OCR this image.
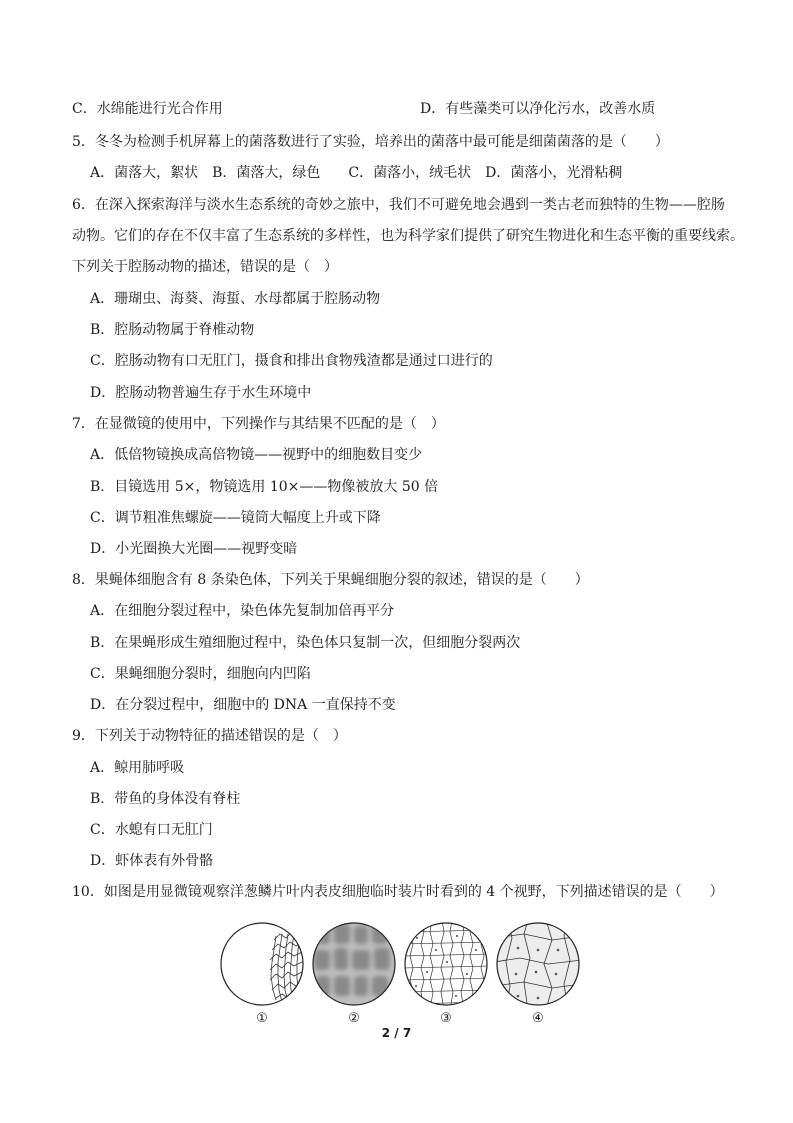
C．水绵能进行光合作用	D．有些藻类可以净化污水，改善水质
5．冬冬为检测手机屏幕上的菌落数进行了实验，培养出的菌落中最可能是细菌菌落的是（　　）
A．菌落大，絮状　B．菌落大，绿色　　C．菌落小，绒毛状　D．菌落小，光滑粘稠
6．在深入探索海洋与淡水生态系统的奇妙之旅中，我们不可避免地会遇到一类古老而独特的生物——腔肠
动物。它们的存在不仅丰富了生态系统的多样性，也为科学家们提供了研究生物进化和生态平衡的重要线索。
下列关于腔肠动物的描述，错误的是（　）
A．珊瑚虫、海葵、海蜇、水母都属于腔肠动物
B．腔肠动物属于脊椎动物
C．腔肠动物有口无肛门，摄食和排出食物残渣都是通过口进行的
D．腔肠动物普遍生存于水生环境中
7．在显微镜的使用中，下列操作与其结果不匹配的是（　）
A．低倍物镜换成高倍物镜——视野中的细胞数目变少
B．目镜选用 5×，物镜选用 10×——物像被放大 50 倍
C．调节粗准焦螺旋——镜筒大幅度上升或下降
D．小光圈换大光圈——视野变暗
8．果蝇体细胞含有 8 条染色体，下列关于果蝇细胞分裂的叙述，错误的是（　　）
A．在细胞分裂过程中，染色体先复制加倍再平分
B．在果蝇形成生殖细胞过程中，染色体只复制一次，但细胞分裂两次
C．果蝇细胞分裂时，细胞向内凹陷
D．在分裂过程中，细胞中的 DNA 一直保持不变
9．下列关于动物特征的描述错误的是（　）
A．鲸用肺呼吸
B．带鱼的身体没有脊柱
C．水螅有口无肛门
D．虾体表有外骨骼
10．如图是用显微镜观察洋葱鳞片叶内表皮细胞临时装片时看到的 4 个视野，下列描述错误的是（　　）
①	②	③	④
2 / 7
